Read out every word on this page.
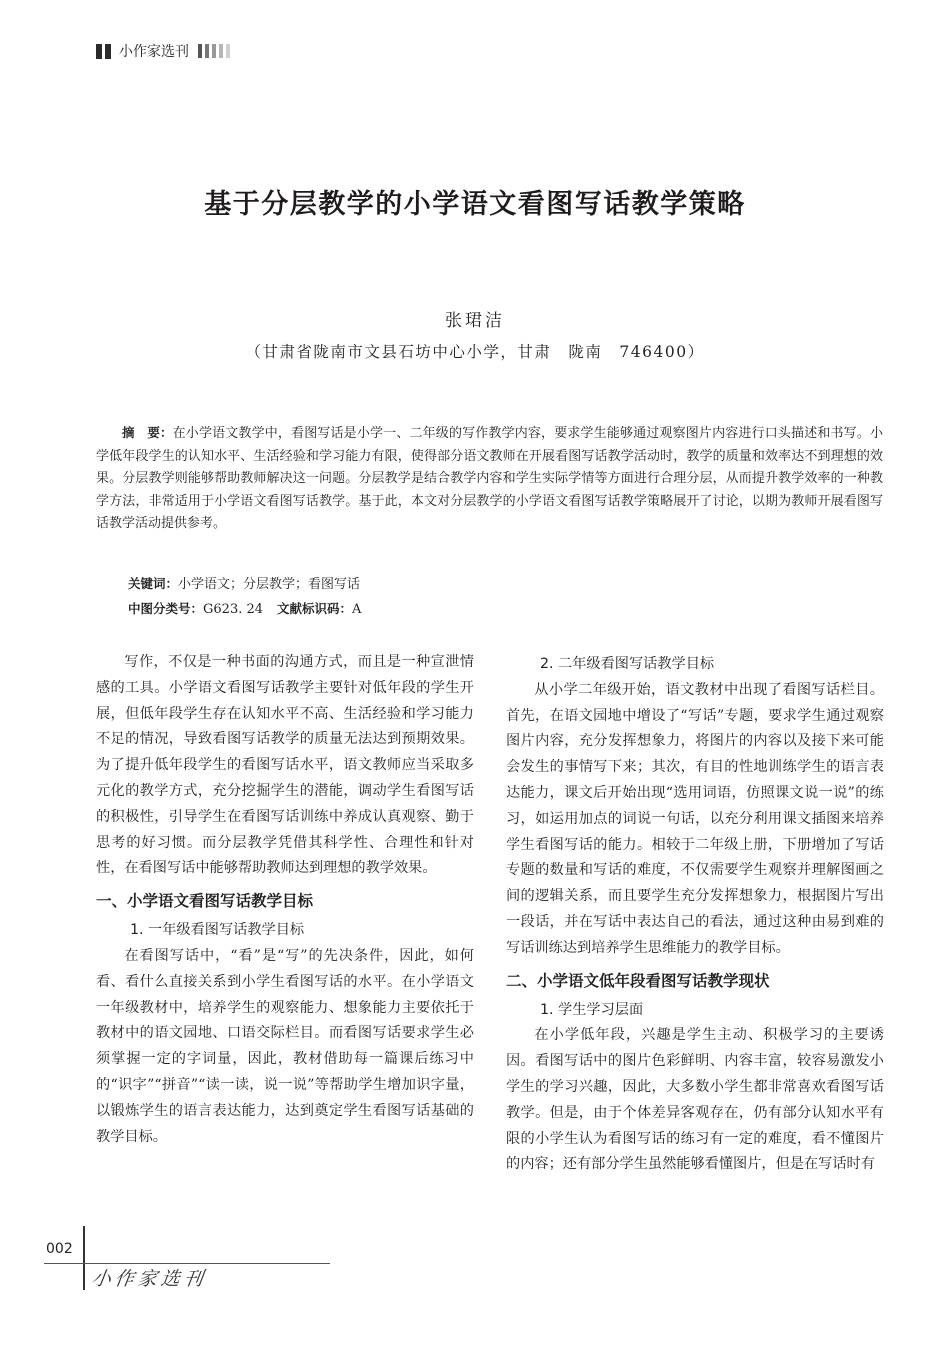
小作家选刊
基于分层教学的小学语文看图写话教学策略
张珺洁
（甘肃省陇南市文县石坊中心小学，甘肃　陇南　746400）

摘　要：在小学语文教学中，看图写话是小学一、二年级的写作教学内容，要求学生能够通过观察图片内容进行口头描述和书写。小学低年段学生的认知水平、生活经验和学习能力有限，使得部分语文教师在开展看图写话教学活动时，教学的质量和效率达不到理想的效果。分层教学则能够帮助教师解决这一问题。分层教学是结合教学内容和学生实际学情等方面进行合理分层，从而提升教学效率的一种教学方法，非常适用于小学语文看图写话教学。基于此，本文对分层教学的小学语文看图写话教学策略展开了讨论，以期为教师开展看图写话教学活动提供参考。

关键词：小学语文；分层教学；看图写话
中图分类号：G623. 24 文献标识码：A

写作，不仅是一种书面的沟通方式，而且是一种宣泄情感的工具。小学语文看图写话教学主要针对低年段的学生开展，但低年段学生存在认知水平不高、生活经验和学习能力不足的情况，导致看图写话教学的质量无法达到预期效果。为了提升低年段学生的看图写话水平，语文教师应当采取多元化的教学方式，充分挖掘学生的潜能，调动学生看图写话的积极性，引导学生在看图写话训练中养成认真观察、勤于思考的好习惯。而分层教学凭借其科学性、合理性和针对性，在看图写话中能够帮助教师达到理想的教学效果。

一、小学语文看图写话教学目标
1. 一年级看图写话教学目标

在看图写话中，“看”是“写”的先决条件，因此，如何看、看什么直接关系到小学生看图写话的水平。在小学语文一年级教材中，培养学生的观察能力、想象能力主要依托于教材中的语文园地、口语交际栏目。而看图写话要求学生必须掌握一定的字词量，因此，教材借助每一篇课后练习中的“识字”“拼音”“读一读，说一说”等帮助学生增加识字量，以锻炼学生的语言表达能力，达到奠定学生看图写话基础的教学目标。

2. 二年级看图写话教学目标

从小学二年级开始，语文教材中出现了看图写话栏目。首先，在语文园地中增设了“写话”专题，要求学生通过观察图片内容，充分发挥想象力，将图片的内容以及接下来可能会发生的事情写下来；其次，有目的性地训练学生的语言表达能力，课文后开始出现“选用词语，仿照课文说一说”的练习，如运用加点的词说一句话，以充分利用课文插图来培养学生看图写话的能力。相较于二年级上册，下册增加了写话专题的数量和写话的难度，不仅需要学生观察并理解图画之间的逻辑关系，而且要学生充分发挥想象力，根据图片写出一段话，并在写话中表达自己的看法，通过这种由易到难的写话训练达到培养学生思维能力的教学目标。

二、小学语文低年段看图写话教学现状
1. 学生学习层面

在小学低年段，兴趣是学生主动、积极学习的主要诱因。看图写话中的图片色彩鲜明、内容丰富，较容易激发小学生的学习兴趣，因此，大多数小学生都非常喜欢看图写话教学。但是，由于个体差异客观存在，仍有部分认知水平有限的小学生认为看图写话的练习有一定的难度，看不懂图片的内容；还有部分学生虽然能够看懂图片，但是在写话时有

002
小作家选刊
